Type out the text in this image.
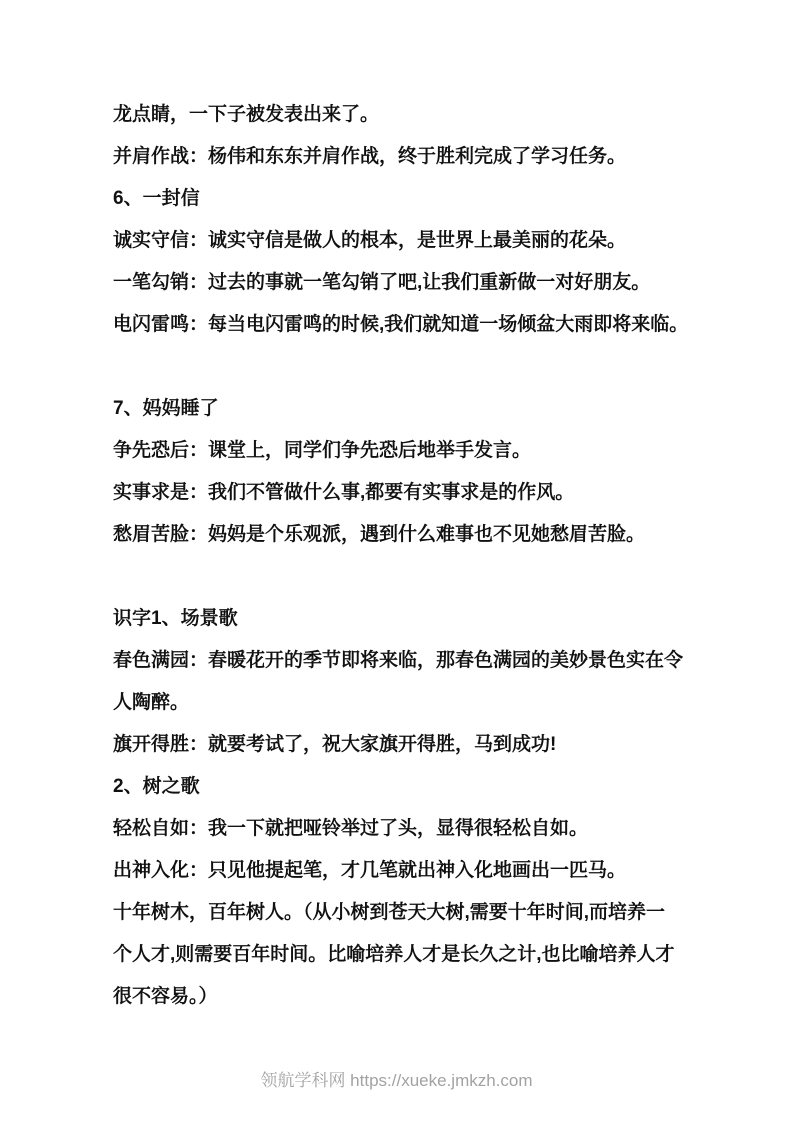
龙点睛，一下子被发表出来了。
并肩作战：杨伟和东东并肩作战，终于胜利完成了学习任务。
6、一封信
诚实守信：诚实守信是做人的根本，是世界上最美丽的花朵。
一笔勾销：过去的事就一笔勾销了吧,让我们重新做一对好朋友。
电闪雷鸣：每当电闪雷鸣的时候,我们就知道一场倾盆大雨即将来临。
7、妈妈睡了
争先恐后：课堂上，同学们争先恐后地举手发言。
实事求是：我们不管做什么事,都要有实事求是的作风。
愁眉苦脸：妈妈是个乐观派，遇到什么难事也不见她愁眉苦脸。
识字1、场景歌
春色满园：春暖花开的季节即将来临，那春色满园的美妙景色实在令
人陶醉。
旗开得胜：就要考试了，祝大家旗开得胜，马到成功!
2、树之歌
轻松自如：我一下就把哑铃举过了头，显得很轻松自如。
出神入化：只见他提起笔，才几笔就出神入化地画出一匹马。
十年树木，百年树人。（从小树到苍天大树,需要十年时间,而培养一
个人才,则需要百年时间。比喻培养人才是长久之计,也比喻培养人才
很不容易。）
领航学科网 https://xueke.jmkzh.com
